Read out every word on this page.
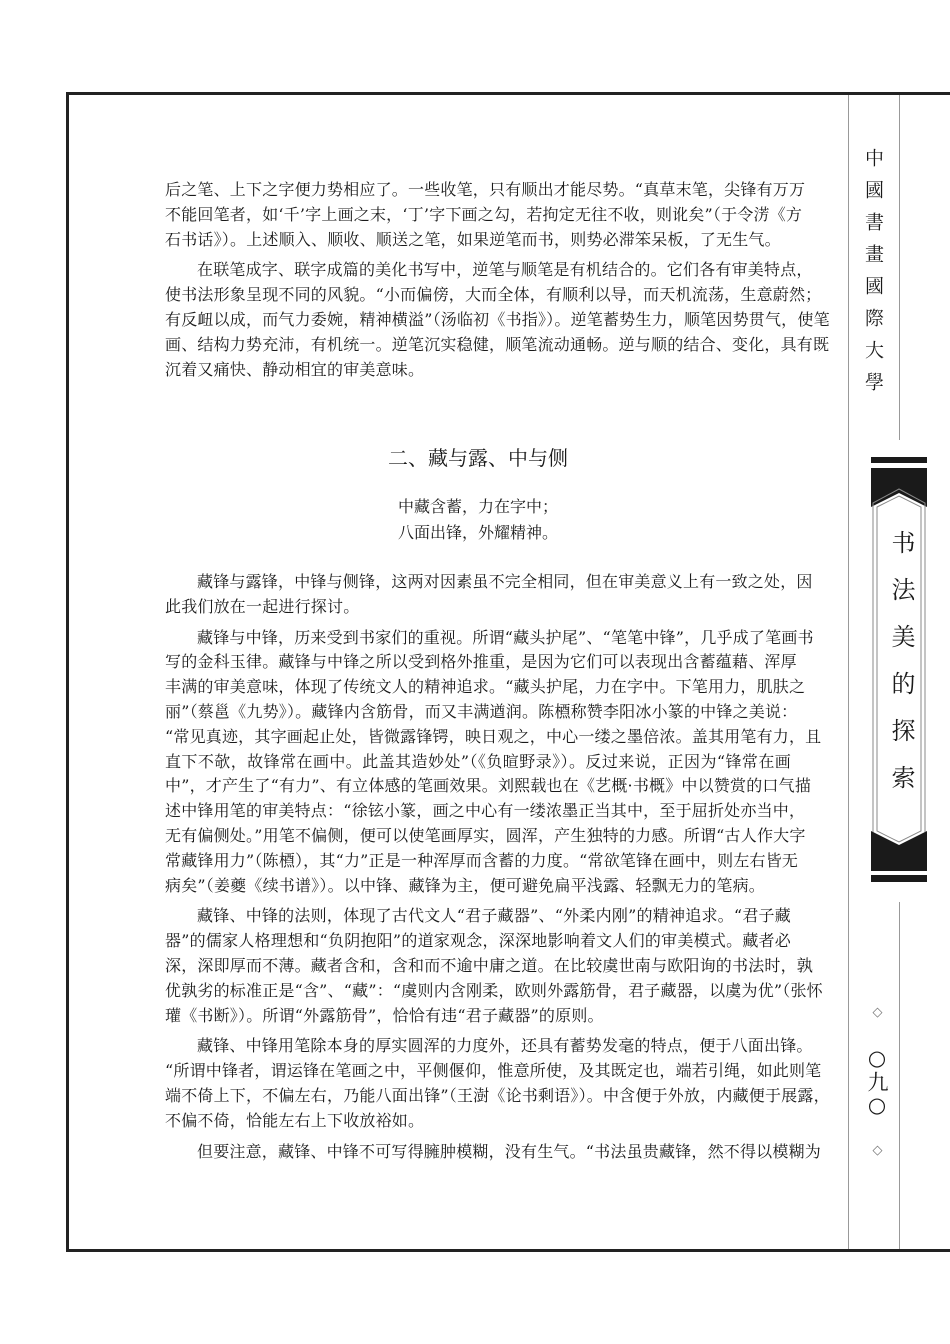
中國書畫國際大學
书法美的探索
◇ ○九○ ◇
后之笔、上下之字便力势相应了。一些收笔，只有顺出才能尽势。“真草末笔，尖锋有万万
不能回笔者，如‘千’字上画之末，‘丁’字下画之勾，若拘定无往不收，则讹矣”（于令淓《方
石书话》）。上述顺入、顺收、顺送之笔，如果逆笔而书，则势必滞笨呆板，了无生气。
在联笔成字、联字成篇的美化书写中，逆笔与顺笔是有机结合的。它们各有审美特点，
使书法形象呈现不同的风貌。“小而偏傍，大而全体，有顺利以导，而天机流荡，生意蔚然；
有反衄以成，而气力委婉，精神横溢”（汤临初《书指》）。逆笔蓄势生力，顺笔因势贯气，使笔
画、结构力势充沛，有机统一。逆笔沉实稳健，顺笔流动通畅。逆与顺的结合、变化，具有既
沉着又痛快、静动相宜的审美意味。
二、藏与露、中与侧
中藏含蓄，力在字中；
八面出锋，外耀精神。
藏锋与露锋，中锋与侧锋，这两对因素虽不完全相同，但在审美意义上有一致之处，因
此我们放在一起进行探讨。
藏锋与中锋，历来受到书家们的重视。所谓“藏头护尾”、“笔笔中锋”，几乎成了笔画书
写的金科玉律。藏锋与中锋之所以受到格外推重，是因为它们可以表现出含蓄蕴藉、浑厚
丰满的审美意味，体现了传统文人的精神追求。“藏头护尾，力在字中。下笔用力，肌肤之
丽”（蔡邕《九势》）。藏锋内含筋骨，而又丰满遒润。陈槱称赞李阳冰小篆的中锋之美说：
“常见真迹，其字画起止处，皆微露锋锷，映日观之，中心一缕之墨倍浓。盖其用笔有力，且
直下不欹，故锋常在画中。此盖其造妙处”（《负暄野录》）。反过来说，正因为“锋常在画
中”，才产生了“有力”、有立体感的笔画效果。刘熙载也在《艺概·书概》中以赞赏的口气描
述中锋用笔的审美特点：“徐铉小篆，画之中心有一缕浓墨正当其中，至于屈折处亦当中，
无有偏侧处。”用笔不偏侧，便可以使笔画厚实，圆浑，产生独特的力感。所谓“古人作大字
常藏锋用力”（陈槱），其“力”正是一种浑厚而含蓄的力度。“常欲笔锋在画中，则左右皆无
病矣”（姜夔《续书谱》）。以中锋、藏锋为主，便可避免扁平浅露、轻飘无力的笔病。
藏锋、中锋的法则，体现了古代文人“君子藏器”、“外柔内刚”的精神追求。“君子藏
器”的儒家人格理想和“负阴抱阳”的道家观念，深深地影响着文人们的审美模式。藏者必
深，深即厚而不薄。藏者含和，含和而不逾中庸之道。在比较虞世南与欧阳询的书法时，孰
优孰劣的标准正是“含”、“藏”：“虞则内含刚柔，欧则外露筋骨，君子藏器，以虞为优”（张怀
瓘《书断》）。所谓“外露筋骨”，恰恰有违“君子藏器”的原则。
藏锋、中锋用笔除本身的厚实圆浑的力度外，还具有蓄势发毫的特点，便于八面出锋。
“所谓中锋者，谓运锋在笔画之中，平侧偃仰，惟意所使，及其既定也，端若引绳，如此则笔
端不倚上下，不偏左右，乃能八面出锋”（王澍《论书剩语》）。中含便于外放，内藏便于展露，
不偏不倚，恰能左右上下收放裕如。
但要注意，藏锋、中锋不可写得臃肿模糊，没有生气。“书法虽贵藏锋，然不得以模糊为
